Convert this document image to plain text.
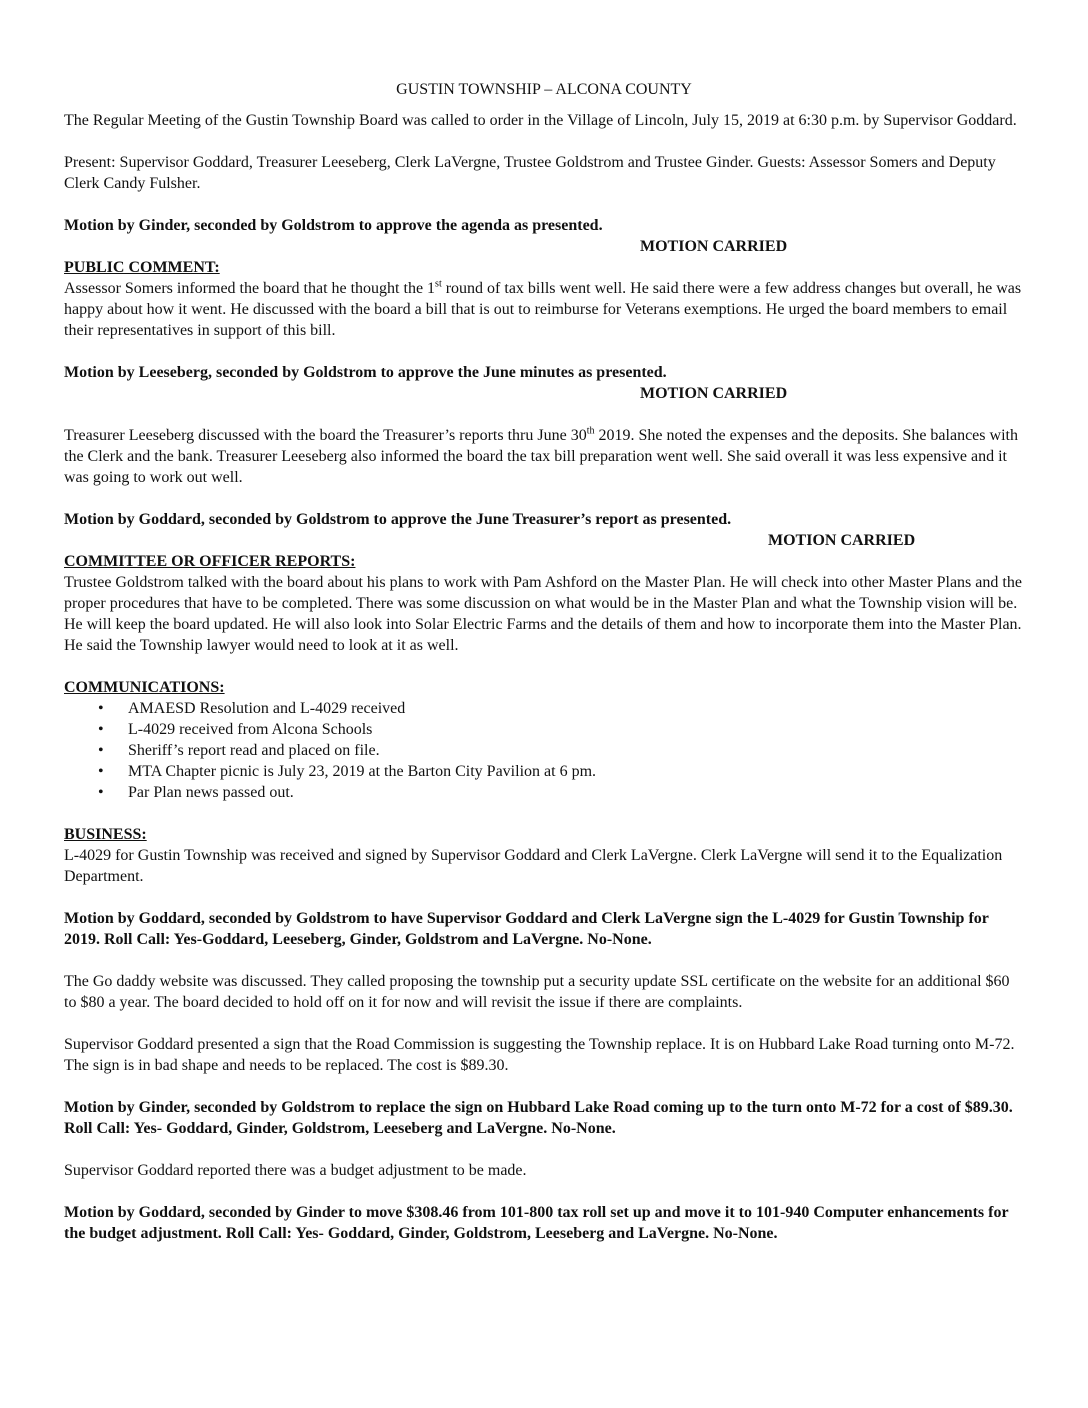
GUSTIN TOWNSHIP – ALCONA COUNTY

The Regular Meeting of the Gustin Township Board was called to order in the Village of Lincoln, July 15, 2019 at 6:30 p.m. by Supervisor Goddard.

Present: Supervisor Goddard, Treasurer Leeseberg, Clerk LaVergne, Trustee Goldstrom and Trustee Ginder. Guests: Assessor Somers and Deputy Clerk Candy Fulsher.

Motion by Ginder, seconded by Goldstrom to approve the agenda as presented.
MOTION CARRIED
PUBLIC COMMENT:

Assessor Somers informed the board that he thought the 1st round of tax bills went well. He said there were a few address changes but overall, he was happy about how it went. He discussed with the board a bill that is out to reimburse for Veterans exemptions. He urged the board members to email their representatives in support of this bill.

Motion by Leeseberg, seconded by Goldstrom to approve the June minutes as presented.
MOTION CARRIED

Treasurer Leeseberg discussed with the board the Treasurer’s reports thru June 30th 2019. She noted the expenses and the deposits. She balances with the Clerk and the bank. Treasurer Leeseberg also informed the board the tax bill preparation went well. She said overall it was less expensive and it was going to work out well.

Motion by Goddard, seconded by Goldstrom to approve the June Treasurer’s report as presented.
MOTION CARRIED
COMMITTEE OR OFFICER REPORTS:

Trustee Goldstrom talked with the board about his plans to work with Pam Ashford on the Master Plan. He will check into other Master Plans and the proper procedures that have to be completed. There was some discussion on what would be in the Master Plan and what the Township vision will be. He will keep the board updated. He will also look into Solar Electric Farms and the details of them and how to incorporate them into the Master Plan. He said the Township lawyer would need to look at it as well.

COMMUNICATIONS:
• AMAESD Resolution and L-4029 received
• L-4029 received from Alcona Schools
• Sheriff’s report read and placed on file.
• MTA Chapter picnic is July 23, 2019 at the Barton City Pavilion at 6 pm.
• Par Plan news passed out.
BUSINESS:

L-4029 for Gustin Township was received and signed by Supervisor Goddard and Clerk LaVergne. Clerk LaVergne will send it to the Equalization Department.

Motion by Goddard, seconded by Goldstrom to have Supervisor Goddard and Clerk LaVergne sign the L-4029 for Gustin Township for 2019. Roll Call: Yes-Goddard, Leeseberg, Ginder, Goldstrom and LaVergne. No-None.

The Go daddy website was discussed. They called proposing the township put a security update SSL certificate on the website for an additional $60 to $80 a year. The board decided to hold off on it for now and will revisit the issue if there are complaints.

Supervisor Goddard presented a sign that the Road Commission is suggesting the Township replace. It is on Hubbard Lake Road turning onto M-72. The sign is in bad shape and needs to be replaced. The cost is $89.30.

Motion by Ginder, seconded by Goldstrom to replace the sign on Hubbard Lake Road coming up to the turn onto M-72 for a cost of $89.30. Roll Call: Yes- Goddard, Ginder, Goldstrom, Leeseberg and LaVergne. No-None.

Supervisor Goddard reported there was a budget adjustment to be made.

Motion by Goddard, seconded by Ginder to move $308.46 from 101-800 tax roll set up and move it to 101-940 Computer enhancements for the budget adjustment. Roll Call: Yes- Goddard, Ginder, Goldstrom, Leeseberg and LaVergne. No-None.
